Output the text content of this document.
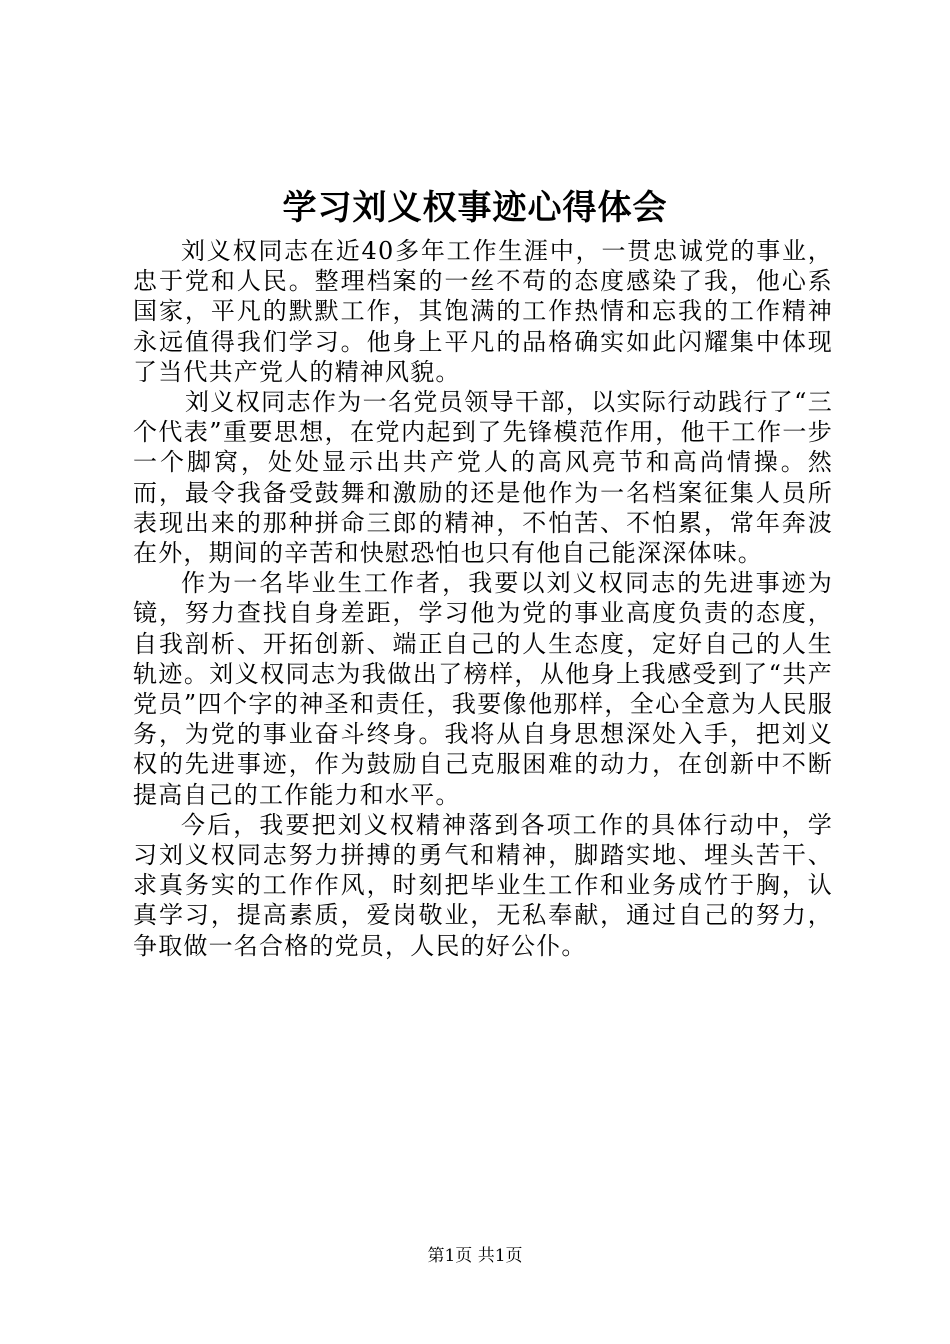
学习刘义权事迹心得体会

刘义权同志在近40多年工作生涯中，一贯忠诚党的事业，忠于党和人民。整理档案的一丝不苟的态度感染了我，他心系国家，平凡的默默工作，其饱满的工作热情和忘我的工作精神永远值得我们学习。他身上平凡的品格确实如此闪耀集中体现了当代共产党人的精神风貌。

刘义权同志作为一名党员领导干部，以实际行动践行了“三个代表”重要思想，在党内起到了先锋模范作用，他干工作一步一个脚窝，处处显示出共产党人的高风亮节和高尚情操。然而，最令我备受鼓舞和激励的还是他作为一名档案征集人员所表现出来的那种拼命三郎的精神，不怕苦、不怕累，常年奔波在外，期间的辛苦和快慰恐怕也只有他自己能深深体味。

作为一名毕业生工作者，我要以刘义权同志的先进事迹为镜，努力查找自身差距，学习他为党的事业高度负责的态度，自我剖析、开拓创新、端正自己的人生态度，定好自己的人生轨迹。刘义权同志为我做出了榜样，从他身上我感受到了“共产党员”四个字的神圣和责任，我要像他那样，全心全意为人民服务，为党的事业奋斗终身。我将从自身思想深处入手，把刘义权的先进事迹，作为鼓励自己克服困难的动力，在创新中不断提高自己的工作能力和水平。

今后，我要把刘义权精神落到各项工作的具体行动中，学习刘义权同志努力拼搏的勇气和精神，脚踏实地、埋头苦干、求真务实的工作作风，时刻把毕业生工作和业务成竹于胸，认真学习，提高素质，爱岗敬业，无私奉献，通过自己的努力，争取做一名合格的党员，人民的好公仆。

第1页 共1页
